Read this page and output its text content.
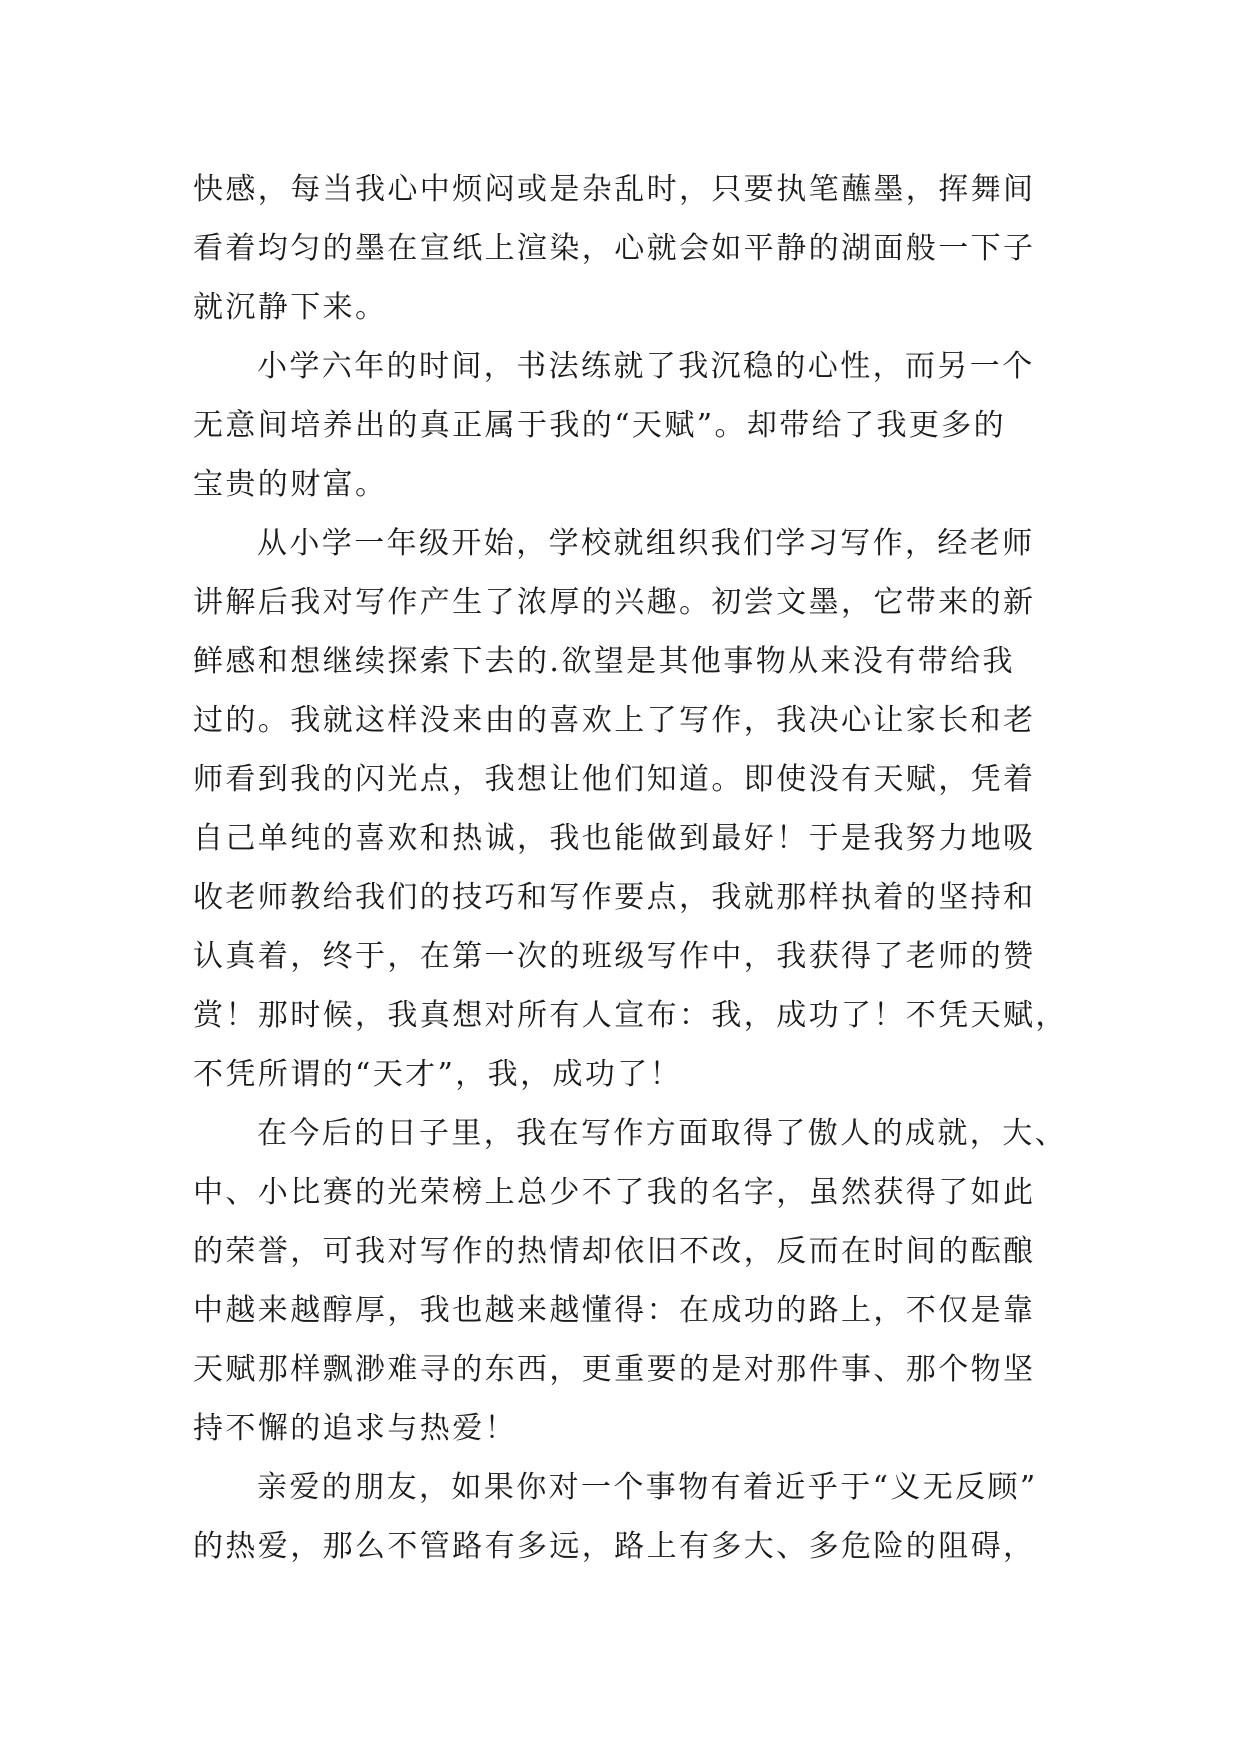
快感，每当我心中烦闷或是杂乱时，只要执笔蘸墨，挥舞间
看着均匀的墨在宣纸上渲染，心就会如平静的湖面般一下子
就沉静下来。
小学六年的时间，书法练就了我沉稳的心性，而另一个
无意间培养出的真正属于我的“天赋”。却带给了我更多的
宝贵的财富。
从小学一年级开始，学校就组织我们学习写作，经老师
讲解后我对写作产生了浓厚的兴趣。初尝文墨，它带来的新
鲜感和想继续探索下去的.欲望是其他事物从来没有带给我
过的。我就这样没来由的喜欢上了写作，我决心让家长和老
师看到我的闪光点，我想让他们知道。即使没有天赋，凭着
自己单纯的喜欢和热诚，我也能做到最好！于是我努力地吸
收老师教给我们的技巧和写作要点，我就那样执着的坚持和
认真着，终于，在第一次的班级写作中，我获得了老师的赞
赏！那时候，我真想对所有人宣布：我，成功了！不凭天赋，
不凭所谓的“天才”，我，成功了！
在今后的日子里，我在写作方面取得了傲人的成就，大、
中、小比赛的光荣榜上总少不了我的名字，虽然获得了如此
的荣誉，可我对写作的热情却依旧不改，反而在时间的酝酿
中越来越醇厚，我也越来越懂得：在成功的路上，不仅是靠
天赋那样飘渺难寻的东西，更重要的是对那件事、那个物坚
持不懈的追求与热爱！
亲爱的朋友，如果你对一个事物有着近乎于“义无反顾”
的热爱，那么不管路有多远，路上有多大、多危险的阻碍，
